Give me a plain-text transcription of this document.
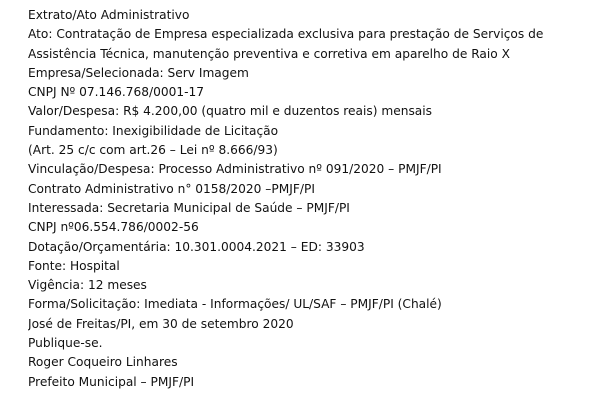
Extrato/Ato Administrativo
Ato: Contratação de Empresa especializada exclusiva para prestação de Serviços de
Assistência Técnica, manutenção preventiva e corretiva em aparelho de Raio X
Empresa/Selecionada: Serv Imagem
CNPJ Nº 07.146.768/0001-17
Valor/Despesa: R$ 4.200,00 (quatro mil e duzentos reais) mensais
Fundamento: Inexigibilidade de Licitação
(Art. 25 c/c com art.26 – Lei nº 8.666/93)
Vinculação/Despesa: Processo Administrativo nº 091/2020 – PMJF/PI
Contrato Administrativo n° 0158/2020 –PMJF/PI
Interessada: Secretaria Municipal de Saúde – PMJF/PI
CNPJ nº06.554.786/0002-56
Dotação/Orçamentária: 10.301.0004.2021 – ED: 33903
Fonte: Hospital
Vigência: 12 meses
Forma/Solicitação: Imediata - Informações/ UL/SAF – PMJF/PI (Chalé)
José de Freitas/PI, em 30 de setembro 2020
Publique-se.
Roger Coqueiro Linhares
Prefeito Municipal – PMJF/PI
